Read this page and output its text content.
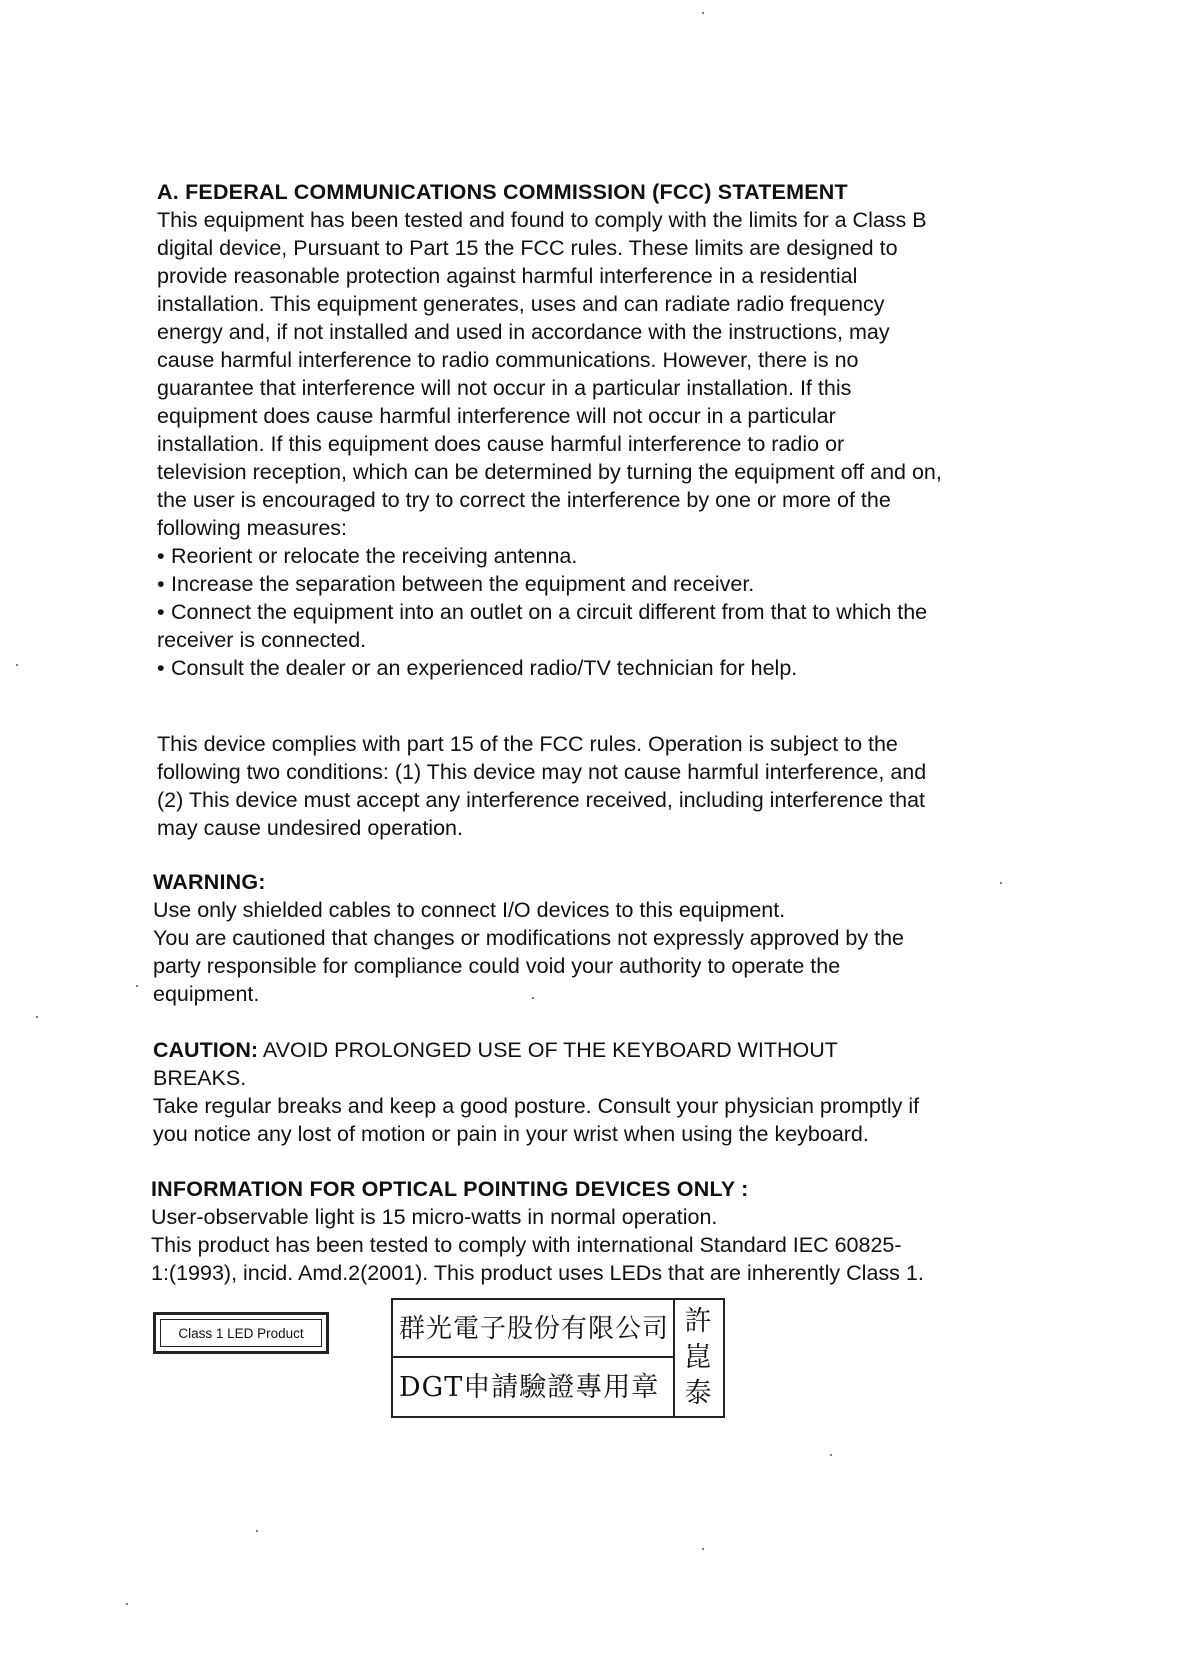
A. FEDERAL COMMUNICATIONS COMMISSION (FCC) STATEMENT

This equipment has been tested and found to comply with the limits for a Class B

digital device, Pursuant to Part 15 the FCC rules. These limits are designed to

provide reasonable protection against harmful interference in a residential

installation. This equipment generates, uses and can radiate radio frequency

energy and, if not installed and used in accordance with the instructions, may

cause harmful interference to radio communications. However, there is no

guarantee that interference will not occur in a particular installation. If this

equipment does cause harmful interference will not occur in a particular

installation. If this equipment does cause harmful interference to radio or

television reception, which can be determined by turning the equipment off and on,

the user is encouraged to try to correct the interference by one or more of the

following measures:

• Reorient or relocate the receiving antenna.

• Increase the separation between the equipment and receiver.

• Connect the equipment into an outlet on a circuit different from that to which the

receiver is connected.

• Consult the dealer or an experienced radio/TV technician for help.

This device complies with part 15 of the FCC rules. Operation is subject to the

following two conditions: (1) This device may not cause harmful interference, and

(2) This device must accept any interference received, including interference that

may cause undesired operation.

WARNING:

Use only shielded cables to connect I/O devices to this equipment.

You are cautioned that changes or modifications not expressly approved by the

party responsible for compliance could void your authority to operate the

equipment.

CAUTION: AVOID PROLONGED USE OF THE KEYBOARD WITHOUT

BREAKS.

Take regular breaks and keep a good posture. Consult your physician promptly if

you notice any lost of motion or pain in your wrist when using the keyboard.

INFORMATION FOR OPTICAL POINTING DEVICES ONLY :

User-observable light is 15 micro-watts in normal operation.

This product has been tested to comply with international Standard IEC 60825-

1:(1993), incid. Amd.2(2001). This product uses LEDs that are inherently Class 1.

Class 1 LED Product	群光電子股份有限公司
DGT申請驗證專用章
許
崑
泰
